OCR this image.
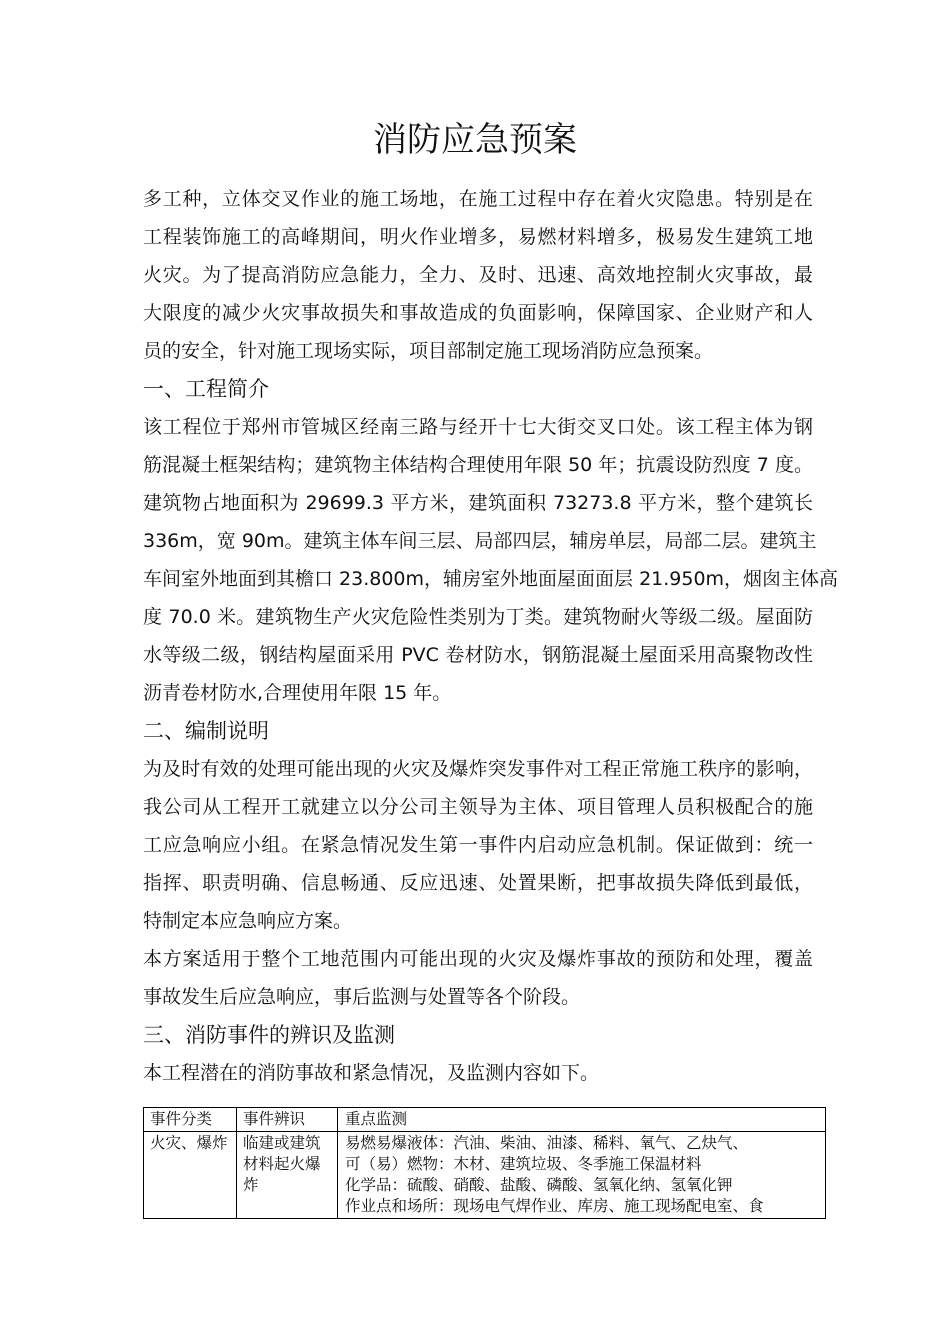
消防应急预案

多工种，立体交叉作业的施工场地，在施工过程中存在着火灾隐患。特别是在

工程装饰施工的高峰期间，明火作业增多，易燃材料增多，极易发生建筑工地

火灾。为了提高消防应急能力，全力、及时、迅速、高效地控制火灾事故，最

大限度的减少火灾事故损失和事故造成的负面影响，保障国家、企业财产和人

员的安全，针对施工现场实际，项目部制定施工现场消防应急预案。

一、工程简介

该工程位于郑州市管城区经南三路与经开十七大街交叉口处。该工程主体为钢

筋混凝土框架结构；建筑物主体结构合理使用年限 50 年；抗震设防烈度 7 度。

建筑物占地面积为 29699.3 平方米，建筑面积 73273.8 平方米，整个建筑长

336m，宽 90m。建筑主体车间三层、局部四层，辅房单层，局部二层。建筑主

车间室外地面到其檐口 23.800m，辅房室外地面屋面面层 21.950m，烟囱主体高

度 70.0 米。建筑物生产火灾危险性类别为丁类。建筑物耐火等级二级。屋面防

水等级二级，钢结构屋面采用 PVC 卷材防水，钢筋混凝土屋面采用高聚物改性

沥青卷材防水,合理使用年限 15 年。

二、编制说明

为及时有效的处理可能出现的火灾及爆炸突发事件对工程正常施工秩序的影响，

我公司从工程开工就建立以分公司主领导为主体、项目管理人员积极配合的施

工应急响应小组。在紧急情况发生第一事件内启动应急机制。保证做到：统一

指挥、职责明确、信息畅通、反应迅速、处置果断，把事故损失降低到最低，

特制定本应急响应方案。

本方案适用于整个工地范围内可能出现的火灾及爆炸事故的预防和处理，覆盖

事故发生后应急响应，事后监测与处置等各个阶段。

三、消防事件的辨识及监测

本工程潜在的消防事故和紧急情况，及监测内容如下。

事件分类	事件辨识	重点监测
火灾、爆炸	临建或建筑材料起火爆炸	易燃易爆液体：汽油、柴油、油漆、稀料、氧气、乙炔气、
可（易）燃物：木材、建筑垃圾、冬季施工保温材料
化学品：硫酸、硝酸、盐酸、磷酸、氢氧化纳、氢氧化钾
作业点和场所：现场电气焊作业、库房、施工现场配电室、食
